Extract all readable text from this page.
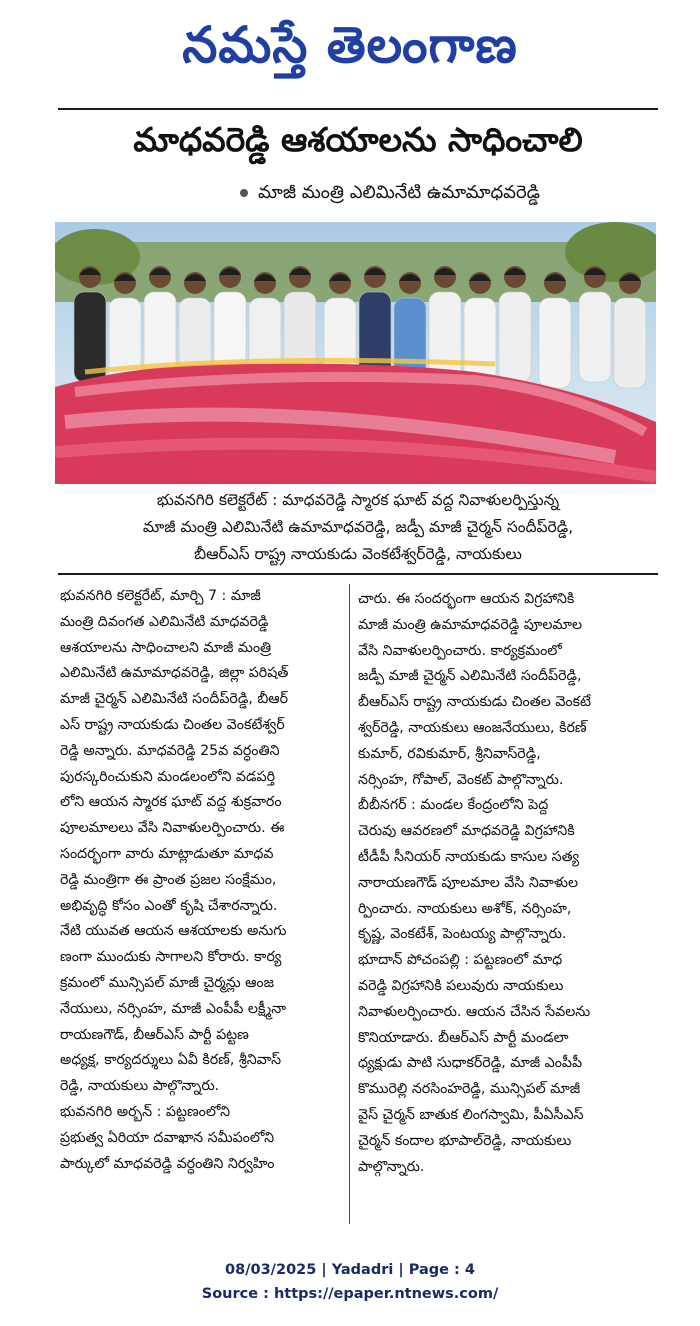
నమస్తే తెలంగాణ
మాధవరెడ్డి ఆశయాలను సాధించాలి
మాజీ మంత్రి ఎలిమినేటి ఉమామాధవరెడ్డి
భువనగిరి కలెక్టరేట్ : మాధవరెడ్డి స్మారక ఘాట్ వద్ద నివాళులర్పిస్తున్న
మాజీ మంత్రి ఎలిమినేటి ఉమామాధవరెడ్డి, జడ్పీ మాజీ చైర్మన్ సందీప్‌రెడ్డి,
బీఆర్ఎస్ రాష్ట్ర నాయకుడు వెంకటేశ్వర్‌రెడ్డి, నాయకులు
భువనగిరి కలెక్టరేట్, మార్చి 7 : మాజీ
మంత్రి దివంగత ఎలిమినేటి మాధవరెడ్డి
ఆశయాలను సాధించాలని మాజీ మంత్రి
ఎలిమినేటి ఉమామాధవరెడ్డి, జిల్లా పరిషత్
మాజీ చైర్మన్ ఎలిమినేటి సందీప్‌రెడ్డి, బీఆర్
ఎస్ రాష్ట్ర నాయకుడు చింతల వెంకటేశ్వర్
రెడ్డి అన్నారు. మాధవరెడ్డి 25వ వర్ధంతిని
పురస్కరించుకుని మండలంలోని వడపర్తి
లోని ఆయన స్మారక ఘాట్ వద్ద శుక్రవారం
పూలమాలలు వేసి నివాళులర్పించారు. ఈ
సందర్భంగా వారు మాట్లాడుతూ మాధవ
రెడ్డి మంత్రిగా ఈ ప్రాంత ప్రజల సంక్షేమం,
అభివృద్ధి కోసం ఎంతో కృషి చేశారన్నారు.
నేటి యువత ఆయన ఆశయాలకు అనుగు
ణంగా ముందుకు సాగాలని కోరారు. కార్య
క్రమంలో మున్సిపల్ మాజీ చైర్మన్లు ఆంజ
నేయులు, నర్సింహ, మాజీ ఎంపీపీ లక్ష్మీనా
రాయణగౌడ్, బీఆర్ఎస్ పార్టీ పట్టణ
అధ్యక్ష, కార్యదర్శులు ఏవీ కిరణ్, శ్రీనివాస్
రెడ్డి, నాయకులు పాల్గొన్నారు.
భువనగిరి అర్బన్ : పట్టణంలోని
ప్రభుత్వ ఏరియా దవాఖాన సమీపంలోని
పార్కులో మాధవరెడ్డి వర్ధంతిని నిర్వహిం
చారు. ఈ సందర్భంగా ఆయన విగ్రహానికి
మాజీ మంత్రి ఉమామాధవరెడ్డి పూలమాల
వేసి నివాళులర్పించారు. కార్యక్రమంలో
జడ్పీ మాజీ చైర్మన్ ఎలిమినేటి సందీప్‌రెడ్డి,
బీఆర్ఎస్ రాష్ట్ర నాయకుడు చింతల వెంకటే
శ్వర్‌రెడ్డి, నాయకులు ఆంజనేయులు, కిరణ్
కుమార్, రవికుమార్, శ్రీనివాస్‌రెడ్డి,
నర్సింహ, గోపాల్, వెంకట్ పాల్గొన్నారు.
బీబీనగర్ : మండల కేంద్రంలోని పెద్ద
చెరువు ఆవరణలో మాధవరెడ్డి విగ్రహానికి
టీడీపీ సీనియర్ నాయకుడు కాసుల సత్య
నారాయణగౌడ్ పూలమాల వేసి నివాళుల
ర్పించారు. నాయకులు అశోక్, నర్సింహ,
కృష్ణ, వెంకటేశ్, పెంటయ్య పాల్గొన్నారు.
భూదాన్ పోచంపల్లి : పట్టణంలో మాధ
వరెడ్డి విగ్రహానికి పలువురు నాయకులు
నివాళులర్పించారు. ఆయన చేసిన సేవలను
కొనియాడారు. బీఆర్ఎస్ పార్టీ మండలా
ధ్యక్షుడు పాటి సుధాకర్‌రెడ్డి, మాజీ ఎంపీపీ
కొమురెల్లి నరసింహరెడ్డి, మున్సిపల్ మాజీ
వైస్ చైర్మన్ బాతుక లింగస్వామి, పీఏసీఎస్
చైర్మన్ కందాల భూపాల్‌రెడ్డి, నాయకులు
పాల్గొన్నారు.
08/03/2025 | Yadadri | Page : 4
Source : https://epaper.ntnews.com/
